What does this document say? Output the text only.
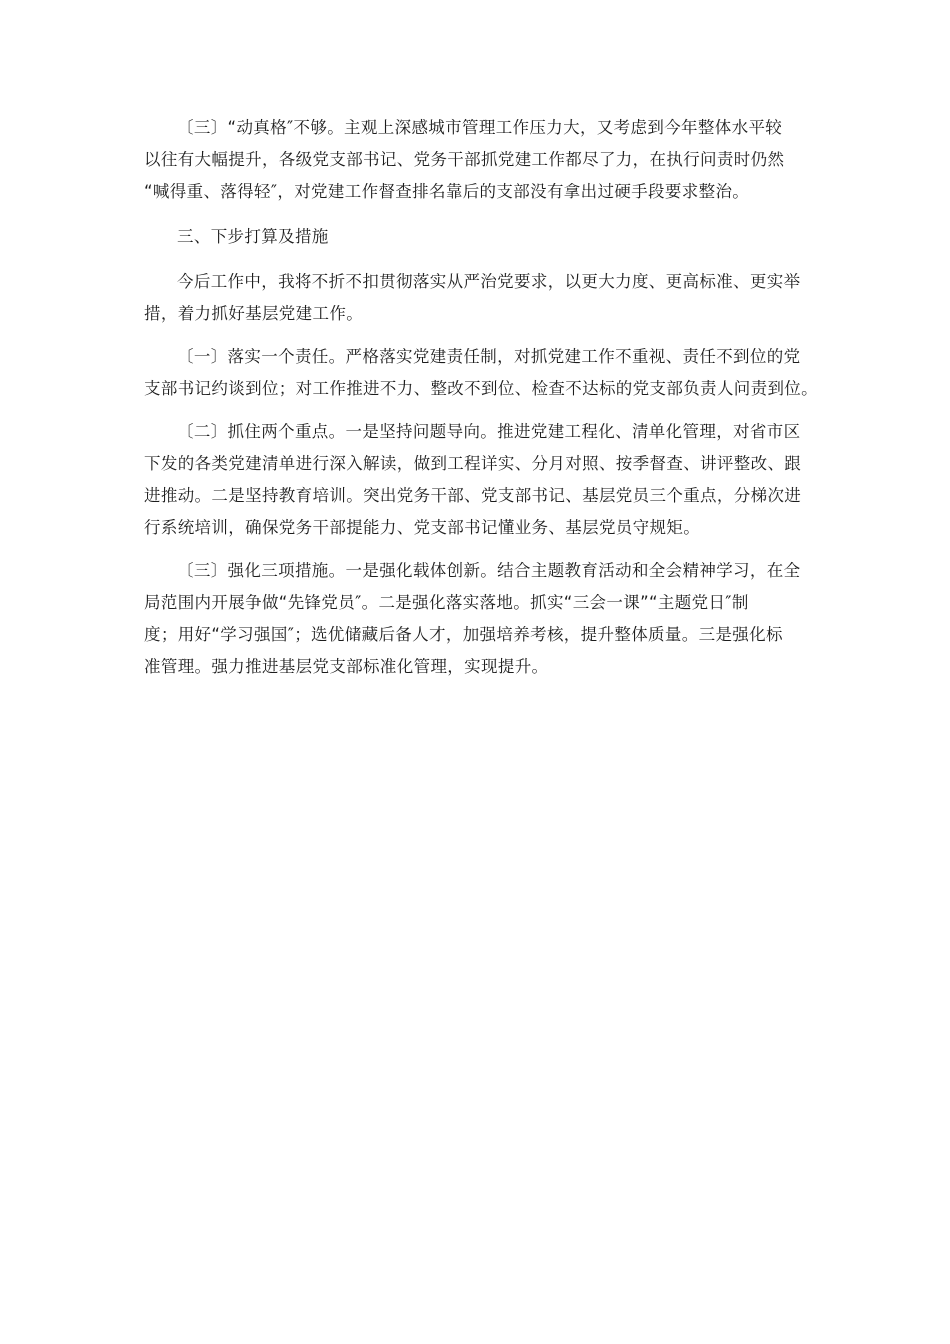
〔三〕“动真格″不够。主观上深感城市管理工作压力大，又考虑到今年整体水平较
以往有大幅提升，各级党支部书记、党务干部抓党建工作都尽了力，在执行问责时仍然
“喊得重、落得轻″，对党建工作督查排名靠后的支部没有拿出过硬手段要求整治。
三、下步打算及措施
今后工作中，我将不折不扣贯彻落实从严治党要求，以更大力度、更高标准、更实举
措，着力抓好基层党建工作。
〔一〕落实一个责任。严格落实党建责任制，对抓党建工作不重视、责任不到位的党
支部书记约谈到位；对工作推进不力、整改不到位、检查不达标的党支部负责人问责到位。
〔二〕抓住两个重点。一是坚持问题导向。推进党建工程化、清单化管理，对省市区
下发的各类党建清单进行深入解读，做到工程详实、分月对照、按季督查、讲评整改、跟
进推动。二是坚持教育培训。突出党务干部、党支部书记、基层党员三个重点，分梯次进
行系统培训，确保党务干部提能力、党支部书记懂业务、基层党员守规矩。
〔三〕强化三项措施。一是强化载体创新。结合主题教育活动和全会精神学习，在全
局范围内开展争做“先锋党员″。二是强化落实落地。抓实“三会一课”“主题党日″制
度；用好“学习强国″；选优储藏后备人才，加强培养考核，提升整体质量。三是强化标
准管理。强力推进基层党支部标准化管理，实现提升。
